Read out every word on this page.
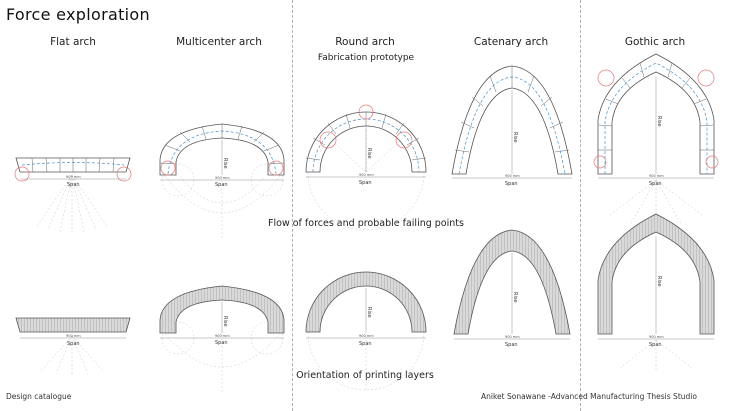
Force exploration
Flat arch	Multicenter arch	Round arch	Catenary arch	Gothic arch
Fabrication prototype
Flow of forces and probable failing points
Orientation of printing layers
Design catalogue	Aniket Sonawane -Advanced Manufacturing Thesis Studio
900 mm
Span
Rise
900 mm
Span
Rise
900 mm
Span
Rise
900 mm
Span
Rise
900 mm
Span
900 mm
Span
Rise
900 mm
Span
Rise
900 mm
Span
Rise
900 mm
Span
Rise
900 mm
Span
